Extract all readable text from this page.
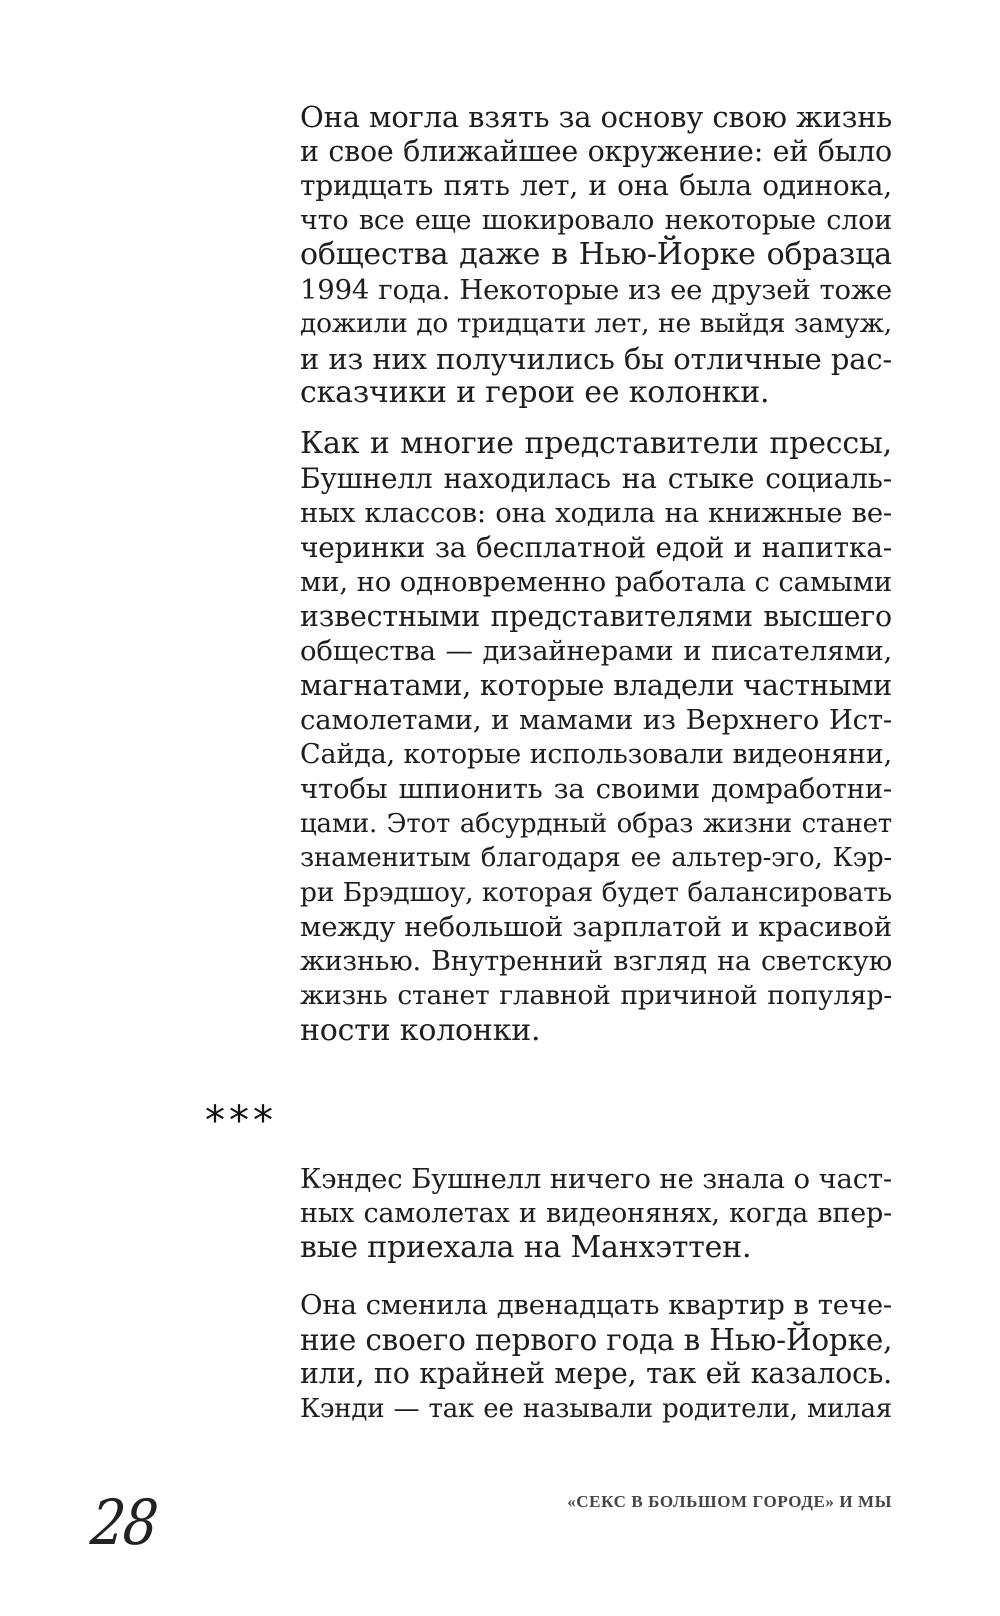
Она могла взять за основу свою жизнь
и свое ближайшее окружение: ей было
тридцать пять лет, и она была одинока,
что все еще шокировало некоторые слои
общества даже в Нью-Йорке образца
1994 года. Некоторые из ее друзей тоже
дожили до тридцати лет, не выйдя замуж,
и из них получились бы отличные рас-
сказчики и герои ее колонки.
Как и многие представители прессы,
Бушнелл находилась на стыке социаль-
ных классов: она ходила на книжные ве-
черинки за бесплатной едой и напитка-
ми, но одновременно работала с самыми
известными представителями высшего
общества — дизайнерами и писателями,
магнатами, которые владели частными
самолетами, и мамами из Верхнего Ист-
Сайда, которые использовали видеоняни,
чтобы шпионить за своими домработни-
цами. Этот абсурдный образ жизни станет
знаменитым благодаря ее альтер-эго, Кэр-
ри Брэдшоу, которая будет балансировать
между небольшой зарплатой и красивой
жизнью. Внутренний взгляд на светскую
жизнь станет главной причиной популяр-
ности колонки.
***
Кэндес Бушнелл ничего не знала о част-
ных самолетах и видеонянях, когда впер-
вые приехала на Манхэттен.
Она сменила двенадцать квартир в тече-
ние своего первого года в Нью-Йорке,
или, по крайней мере, так ей казалось.
Кэнди — так ее называли родители, милая
28	«СЕКС В БОЛЬШОМ ГОРОДЕ» И МЫ
